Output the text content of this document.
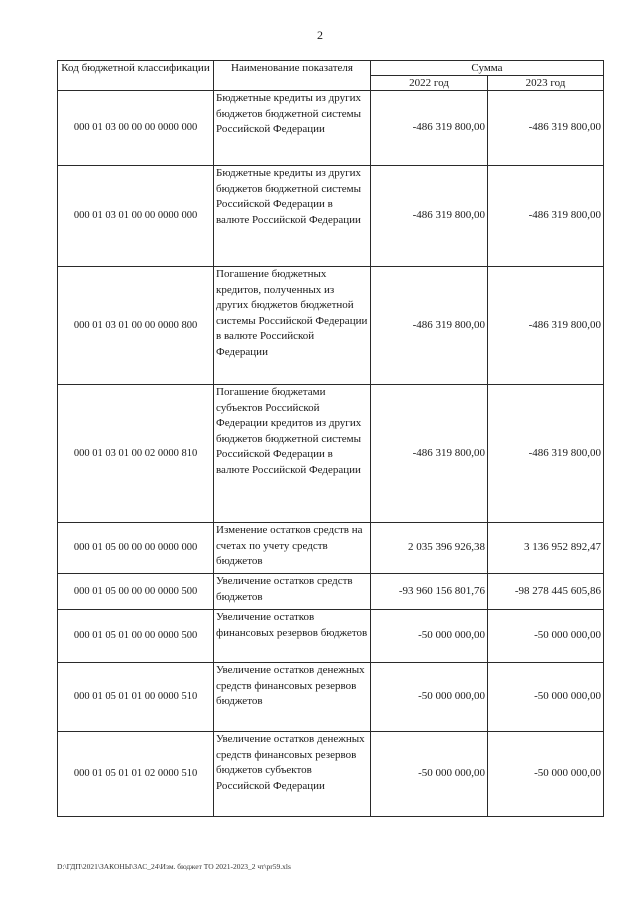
2
Код бюджетной классификации	Наименование показателя	Сумма	
		2022 год	2023 год
000 01 03 00 00 00 0000 000	Бюджетные кредиты из других бюджетов бюджетной системы Российской Федерации	-486 319 800,00	-486 319 800,00
000 01 03 01 00 00 0000 000	Бюджетные кредиты из других бюджетов бюджетной системы Российской Федерации в валюте Российской Федерации	-486 319 800,00	-486 319 800,00
000 01 03 01 00 00 0000 800	Погашение бюджетных кредитов, полученных из других бюджетов бюджетной системы Российской Федерации в валюте Российской Федерации	-486 319 800,00	-486 319 800,00
000 01 03 01 00 02 0000 810	Погашение бюджетами субъектов Российской Федерации кредитов из других бюджетов бюджетной системы Российской Федерации в валюте Российской Федерации	-486 319 800,00	-486 319 800,00
000 01 05 00 00 00 0000 000	Изменение остатков средств на счетах по учету средств бюджетов	2 035 396 926,38	3 136 952 892,47
000 01 05 00 00 00 0000 500	Увеличение остатков средств бюджетов	-93 960 156 801,76	-98 278 445 605,86
000 01 05 01 00 00 0000 500	Увеличение остатков финансовых резервов бюджетов	-50 000 000,00	-50 000 000,00
000 01 05 01 01 00 0000 510	Увеличение остатков денежных средств финансовых резервов бюджетов	-50 000 000,00	-50 000 000,00
000 01 05 01 01 02 0000 510	Увеличение остатков денежных средств финансовых резервов бюджетов субъектов Российской Федерации	-50 000 000,00	-50 000 000,00
D:\ГДП\2021\ЗАКОНЫ\ЗАС_24\Изм. бюджет ТО 2021-2023_2 чт\pr59.xls
